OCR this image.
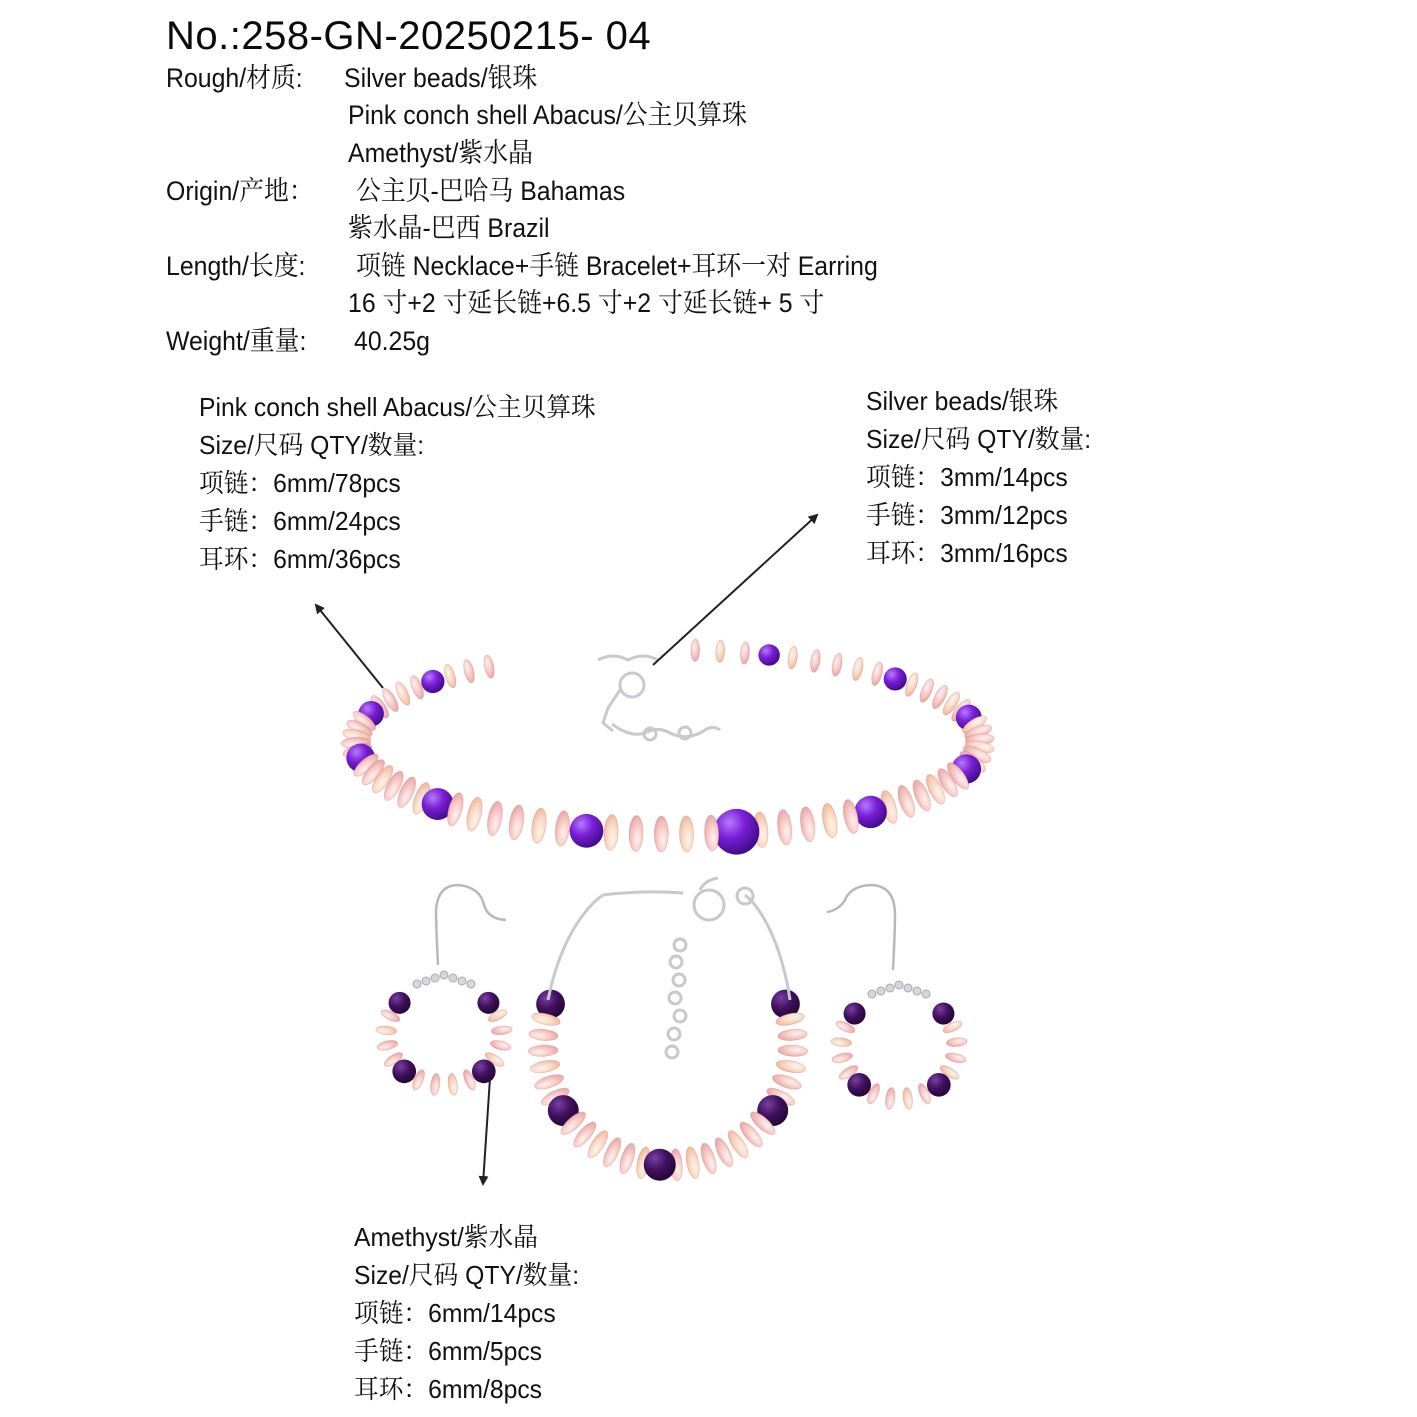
No.:258-GN-20250215- 04
Rough/材质: Silver beads/银珠
Pink conch shell Abacus/公主贝算珠
Amethyst/紫水晶
Origin/产地： 公主贝-巴哈马 Bahamas
紫水晶-巴西 Brazil
Length/长度: 项链 Necklace+手链 Bracelet+耳环一对 Earring
16 寸+2 寸延长链+6.5 寸+2 寸延长链+ 5 寸
Weight/重量: 40.25g
Pink conch shell Abacus/公主贝算珠
Size/尺码 QTY/数量:
项链：6mm/78pcs
手链：6mm/24pcs
耳环：6mm/36pcs
Silver beads/银珠
Size/尺码 QTY/数量:
项链：3mm/14pcs
手链：3mm/12pcs
耳环：3mm/16pcs
Amethyst/紫水晶
Size/尺码 QTY/数量:
项链：6mm/14pcs
手链：6mm/5pcs
耳环：6mm/8pcs
